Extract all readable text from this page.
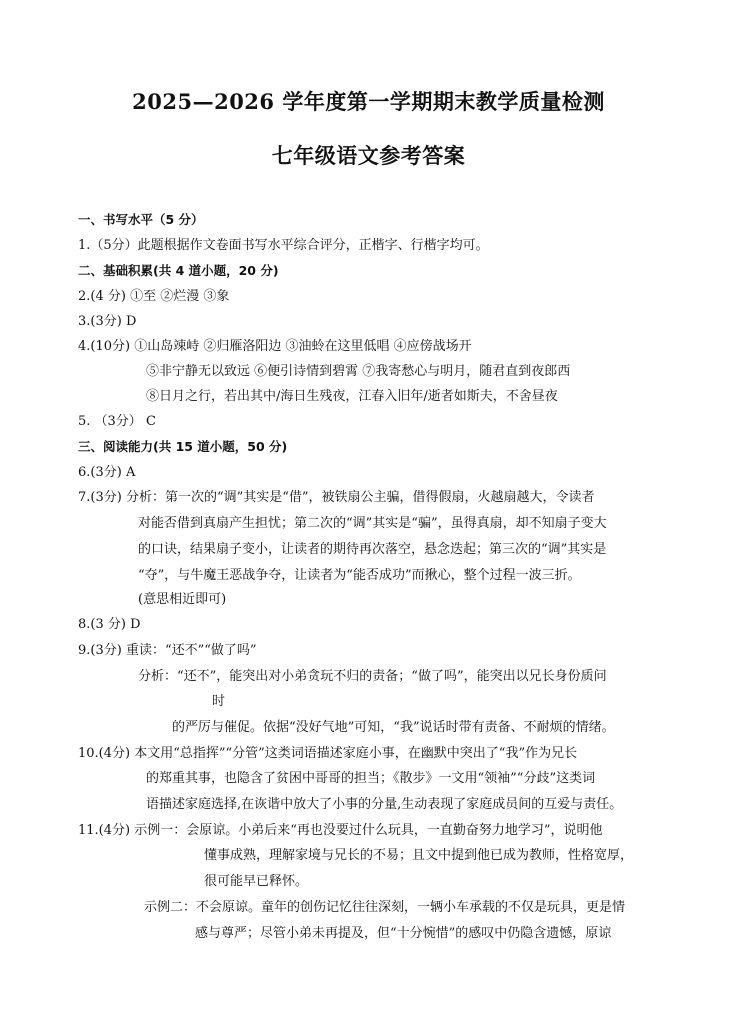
2025—2026 学年度第一学期期末教学质量检测
七年级语文参考答案
一、书写水平（5 分）
1.（5分）此题根据作文卷面书写水平综合评分，正楷字、行楷字均可。
二、基础积累(共 4 道小题，20 分)
2.(4 分) ①至 ②烂漫 ③象
3.(3分) D
4.(10分) ①山岛竦峙 ②归雁洛阳边 ③油蛉在这里低唱 ④应傍战场开
⑤非宁静无以致远 ⑥便引诗情到碧霄 ⑦我寄愁心与明月，随君直到夜郎西
⑧日月之行，若出其中/海日生残夜，江春入旧年/逝者如斯夫，不舍昼夜
5. （3分） C
三、阅读能力(共 15 道小题，50 分)
6.(3分) A
7.(3分) 分析：第一次的“调”其实是“借”，被铁扇公主骗，借得假扇，火越扇越大，令读者
对能否借到真扇产生担忧；第二次的“调”其实是“骗”，虽得真扇，却不知扇子变大
的口诀，结果扇子变小，让读者的期待再次落空，悬念迭起；第三次的“调”其实是
“夺”，与牛魔王恶战争夺，让读者为“能否成功”而揪心，整个过程一波三折。
(意思相近即可)
8.(3 分) D
9.(3分) 重读：“还不”“做了吗”
分析：“还不”，能突出对小弟贪玩不归的责备；“做了吗”，能突出以兄长身份质问
时
的严厉与催促。依据“没好气地”可知，“我”说话时带有责备、不耐烦的情绪。
10.(4分) 本文用“总指挥”“分管”这类词语描述家庭小事，在幽默中突出了“我”作为兄长
的郑重其事，也隐含了贫困中哥哥的担当；《散步》一文用“领袖”“分歧”这类词
语描述家庭选择,在诙谐中放大了小事的分量,生动表现了家庭成员间的互爱与责任。
11.(4分) 示例一：会原谅。小弟后来“再也没要过什么玩具，一直勤奋努力地学习”，说明他
懂事成熟，理解家境与兄长的不易；且文中提到他已成为教师，性格宽厚，
很可能早已释怀。
示例二：不会原谅。童年的创伤记忆往往深刻，一辆小车承载的不仅是玩具，更是情
感与尊严；尽管小弟未再提及，但“十分惋惜”的感叹中仍隐含遗憾，原谅
